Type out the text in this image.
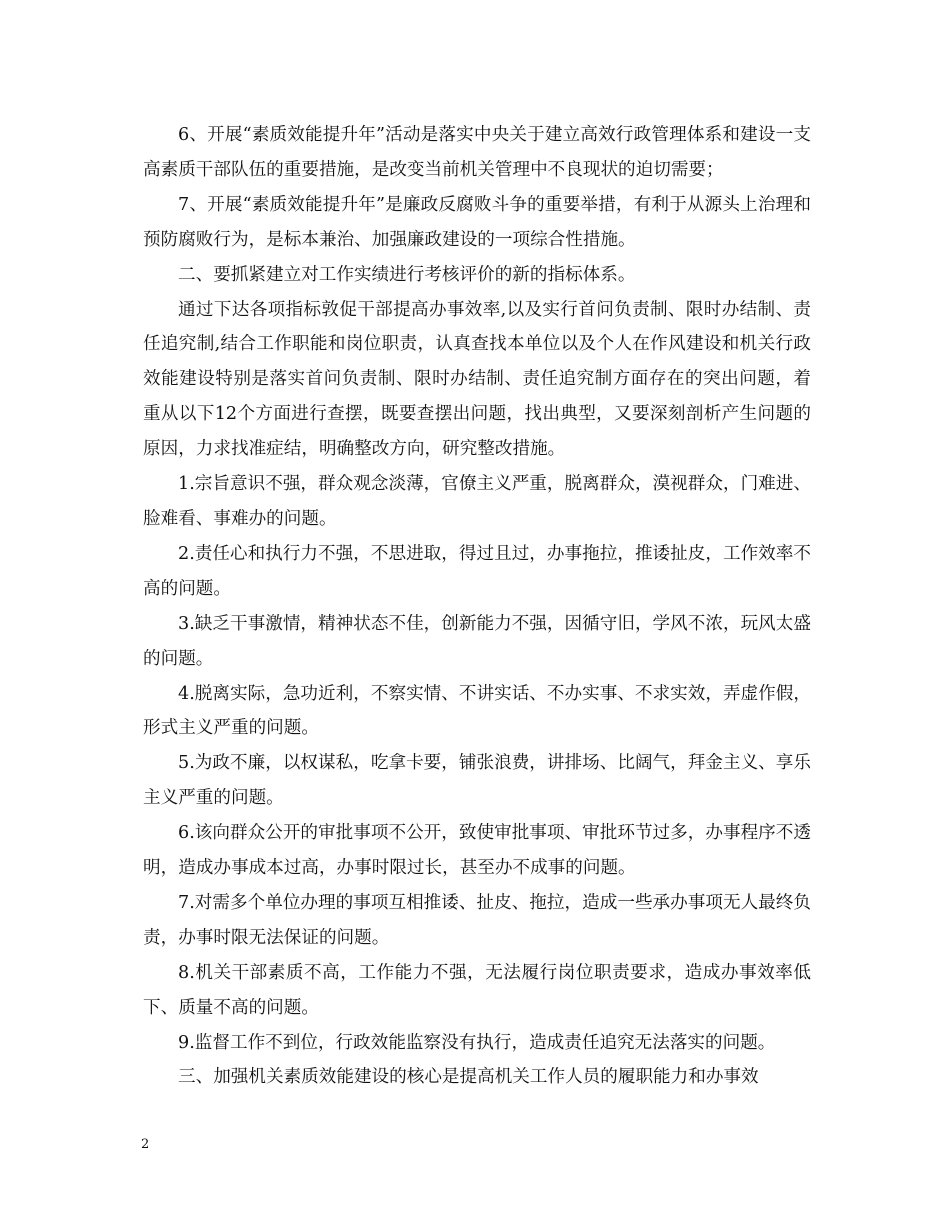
6、开展“素质效能提升年”活动是落实中央关于建立高效行政管理体系和建设一支高素质干部队伍的重要措施，是改变当前机关管理中不良现状的迫切需要；

7、开展“素质效能提升年”是廉政反腐败斗争的重要举措，有利于从源头上治理和预防腐败行为，是标本兼治、加强廉政建设的一项综合性措施。

二、要抓紧建立对工作实绩进行考核评价的新的指标体系。

通过下达各项指标敦促干部提高办事效率,以及实行首问负责制、限时办结制、责任追究制,结合工作职能和岗位职责，认真查找本单位以及个人在作风建设和机关行政效能建设特别是落实首问负责制、限时办结制、责任追究制方面存在的突出问题，着重从以下12个方面进行查摆，既要查摆出问题，找出典型，又要深刻剖析产生问题的原因，力求找准症结，明确整改方向，研究整改措施。

1.宗旨意识不强，群众观念淡薄，官僚主义严重，脱离群众，漠视群众，门难进、脸难看、事难办的问题。

2.责任心和执行力不强，不思进取，得过且过，办事拖拉，推诿扯皮，工作效率不高的问题。

3.缺乏干事激情，精神状态不佳，创新能力不强，因循守旧，学风不浓，玩风太盛的问题。

4.脱离实际，急功近利，不察实情、不讲实话、不办实事、不求实效，弄虚作假，形式主义严重的问题。

5.为政不廉，以权谋私，吃拿卡要，铺张浪费，讲排场、比阔气，拜金主义、享乐主义严重的问题。

6.该向群众公开的审批事项不公开，致使审批事项、审批环节过多，办事程序不透明，造成办事成本过高，办事时限过长，甚至办不成事的问题。

7.对需多个单位办理的事项互相推诿、扯皮、拖拉，造成一些承办事项无人最终负责，办事时限无法保证的问题。

8.机关干部素质不高，工作能力不强，无法履行岗位职责要求，造成办事效率低下、质量不高的问题。

9.监督工作不到位，行政效能监察没有执行，造成责任追究无法落实的问题。

三、加强机关素质效能建设的核心是提高机关工作人员的履职能力和办事效

2
